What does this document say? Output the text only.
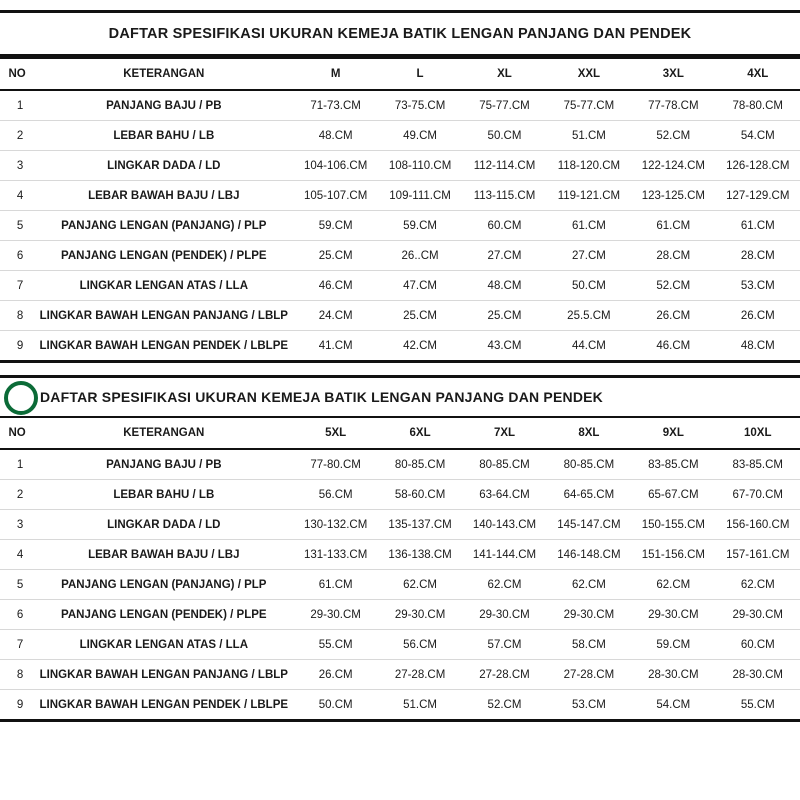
DAFTAR SPESIFIKASI UKURAN KEMEJA BATIK LENGAN PANJANG DAN PENDEK
NO	KETERANGAN	M	L	XL	XXL	3XL	4XL
1	PANJANG BAJU / PB	71-73.CM	73-75.CM	75-77.CM	75-77.CM	77-78.CM	78-80.CM
2	LEBAR BAHU / LB	48.CM	49.CM	50.CM	51.CM	52.CM	54.CM
3	LINGKAR DADA / LD	104-106.CM	108-110.CM	112-114.CM	118-120.CM	122-124.CM	126-128.CM
4	LEBAR BAWAH BAJU / LBJ	105-107.CM	109-111.CM	113-115.CM	119-121.CM	123-125.CM	127-129.CM
5	PANJANG LENGAN (PANJANG) / PLP	59.CM	59.CM	60.CM	61.CM	61.CM	61.CM
6	PANJANG LENGAN (PENDEK) / PLPE	25.CM	26..CM	27.CM	27.CM	28.CM	28.CM
7	LINGKAR LENGAN ATAS / LLA	46.CM	47.CM	48.CM	50.CM	52.CM	53.CM
8	LINGKAR BAWAH LENGAN PANJANG / LBLP	24.CM	25.CM	25.CM	25.5.CM	26.CM	26.CM
9	LINGKAR BAWAH LENGAN PENDEK / LBLPE	41.CM	42.CM	43.CM	44.CM	46.CM	48.CM
DAFTAR SPESIFIKASI UKURAN KEMEJA BATIK LENGAN PANJANG DAN PENDEK
NO	KETERANGAN	5XL	6XL	7XL	8XL	9XL	10XL
1	PANJANG BAJU / PB	77-80.CM	80-85.CM	80-85.CM	80-85.CM	83-85.CM	83-85.CM
2	LEBAR BAHU / LB	56.CM	58-60.CM	63-64.CM	64-65.CM	65-67.CM	67-70.CM
3	LINGKAR DADA / LD	130-132.CM	135-137.CM	140-143.CM	145-147.CM	150-155.CM	156-160.CM
4	LEBAR BAWAH BAJU / LBJ	131-133.CM	136-138.CM	141-144.CM	146-148.CM	151-156.CM	157-161.CM
5	PANJANG LENGAN (PANJANG) / PLP	61.CM	62.CM	62.CM	62.CM	62.CM	62.CM
6	PANJANG LENGAN (PENDEK) / PLPE	29-30.CM	29-30.CM	29-30.CM	29-30.CM	29-30.CM	29-30.CM
7	LINGKAR LENGAN ATAS / LLA	55.CM	56.CM	57.CM	58.CM	59.CM	60.CM
8	LINGKAR BAWAH LENGAN PANJANG / LBLP	26.CM	27-28.CM	27-28.CM	27-28.CM	28-30.CM	28-30.CM
9	LINGKAR BAWAH LENGAN PENDEK / LBLPE	50.CM	51.CM	52.CM	53.CM	54.CM	55.CM
